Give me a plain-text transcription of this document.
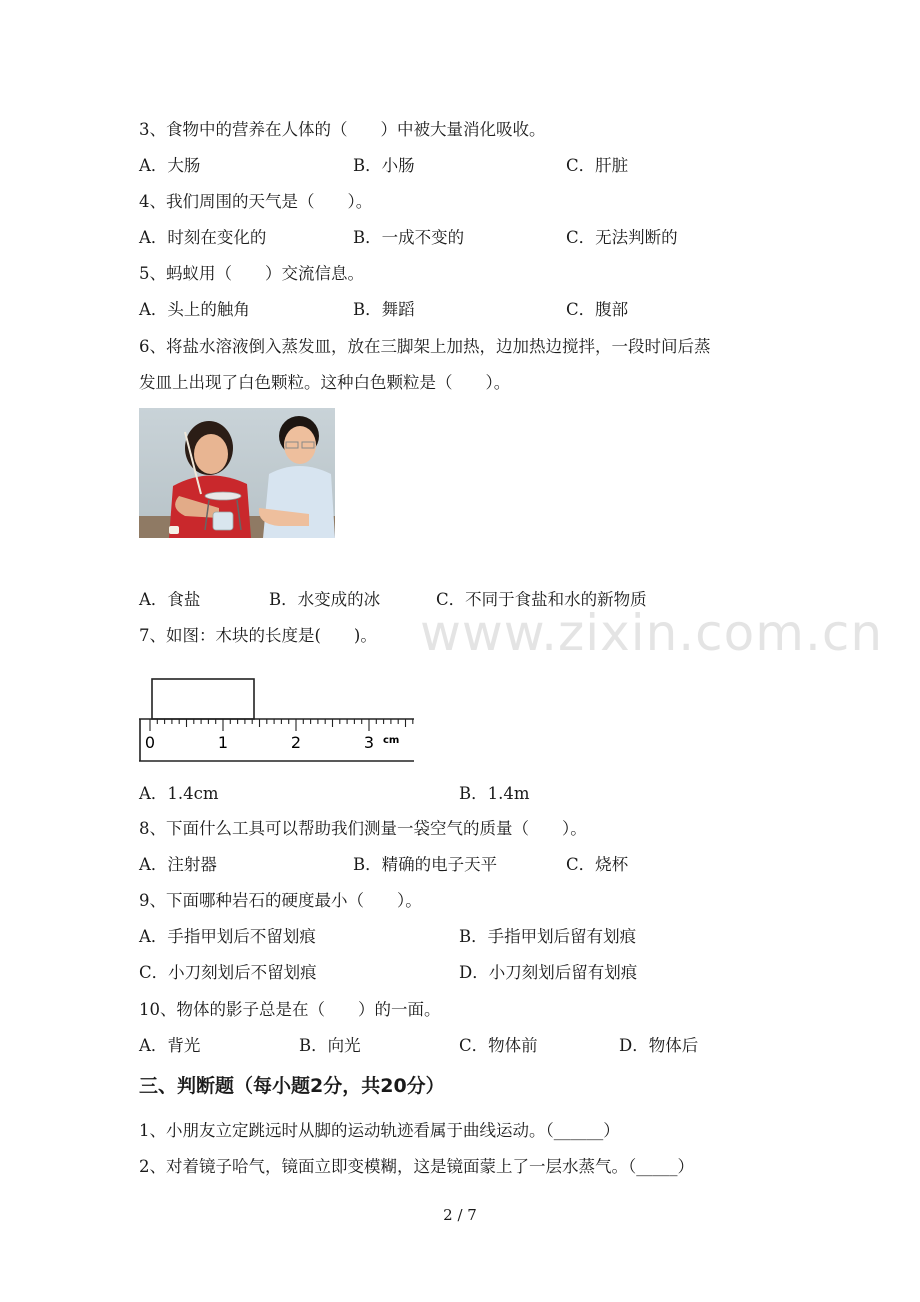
www.zixin.com.cn
3、食物中的营养在人体的（　　）中被大量消化吸收。
A．大肠	B．小肠	C．肝脏
4、我们周围的天气是（　　）。
A．时刻在变化的	B．一成不变的	C．无法判断的
5、蚂蚁用（　　）交流信息。
A．头上的触角	B．舞蹈	C．腹部
6、将盐水溶液倒入蒸发皿，放在三脚架上加热，边加热边搅拌，一段时间后蒸
发皿上出现了白色颗粒。这种白色颗粒是（　　）。
A．食盐	B．水变成的冰	C．不同于食盐和水的新物质
7、如图：木块的长度是(　　)。
0	1	2	3 cm
A．1.4cm	B．1.4m
8、下面什么工具可以帮助我们测量一袋空气的质量（　　）。
A．注射器	B．精确的电子天平	C．烧杯
9、下面哪种岩石的硬度最小（　　）。
A．手指甲划后不留划痕	B．手指甲划后留有划痕
C．小刀刻划后不留划痕	D．小刀刻划后留有划痕
10、物体的影子总是在（　　）的一面。
A．背光	B．向光	C．物体前	D．物体后
三、判断题（每小题2分，共20分）
1、小朋友立定跳远时从脚的运动轨迹看属于曲线运动。（______）
2、对着镜子哈气，镜面立即变模糊，这是镜面蒙上了一层水蒸气。（_____）
2 / 7
